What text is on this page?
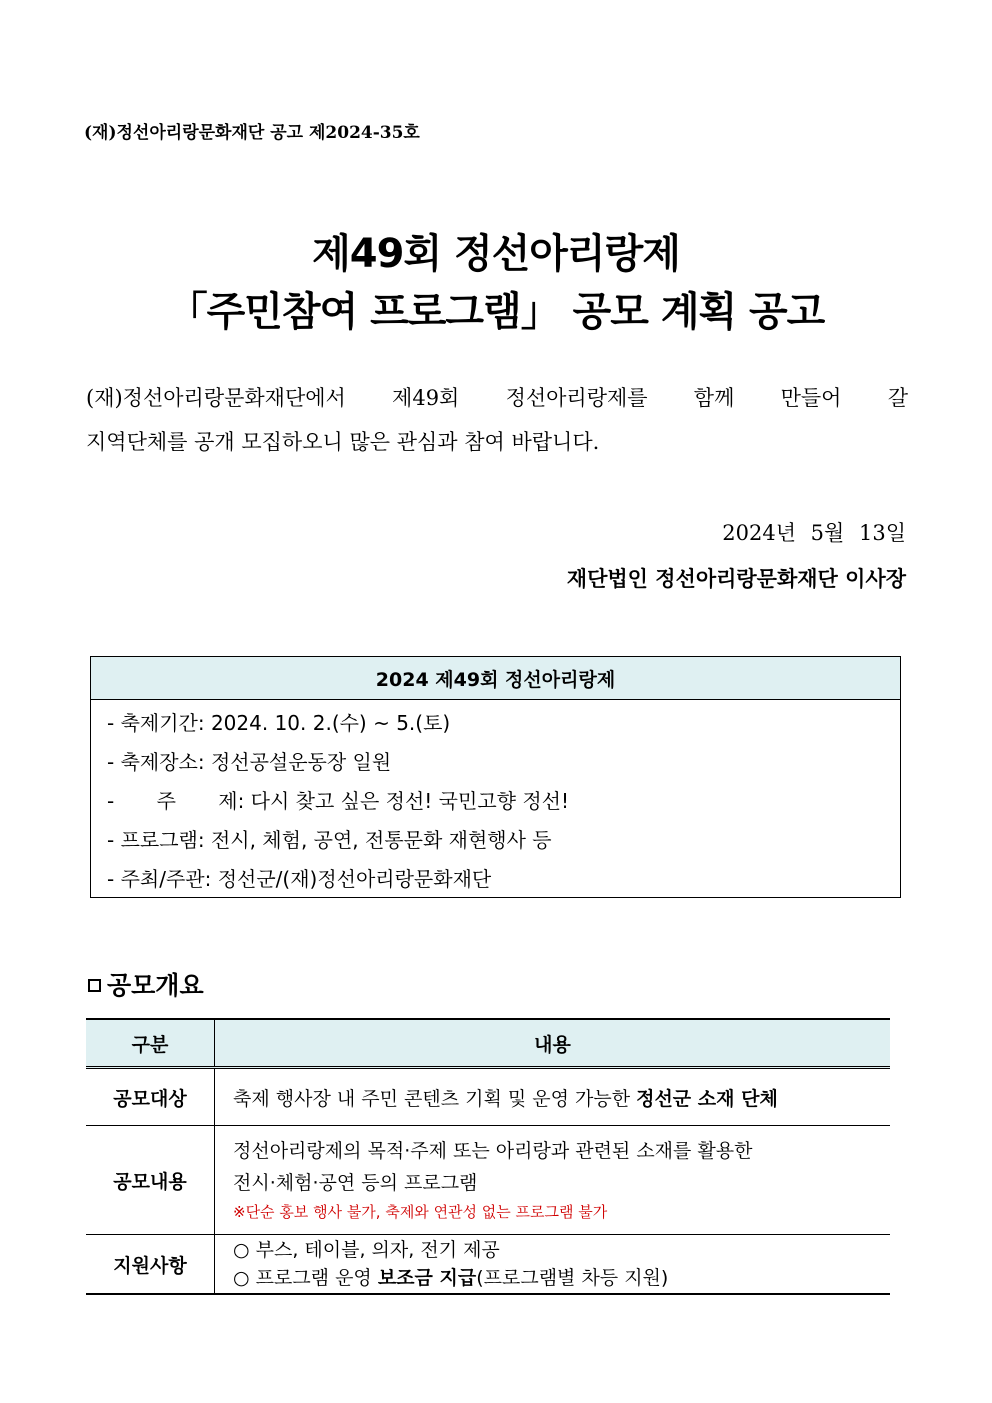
(재)정선아리랑문화재단 공고 제2024-35호
제49회 정선아리랑제
「주민참여 프로그램」 공모 계획 공고
(재)정선아리랑문화재단에서 제49회 정선아리랑제를 함께 만들어 갈
지역단체를 공개 모집하오니 많은 관심과 참여 바랍니다.
2024년 5월 13일
재단법인 정선아리랑문화재단 이사장
2024 제49회 정선아리랑제
- 축제기간: 2024. 10. 2.(수) ~ 5.(토)
- 축제장소: 정선공설운동장 일원
- 주 제: 다시 찾고 싶은 정선! 국민고향 정선!
- 프로그램: 전시, 체험, 공연, 전통문화 재현행사 등
- 주최/주관: 정선군/(재)정선아리랑문화재단
공모개요
구분	내용
공모대상	축제 행사장 내 주민 콘텐츠 기획 및 운영 가능한 정선군 소재 단체
공모내용	정선아리랑제의 목적·주제 또는 아리랑과 관련된 소재를 활용한
전시·체험·공연 등의 프로그램
※단순 홍보 행사 불가, 축제와 연관성 없는 프로그램 불가

지원사항	○ 부스, 테이블, 의자, 전기 제공
○ 프로그램 운영 보조금 지급(프로그램별 차등 지원)
